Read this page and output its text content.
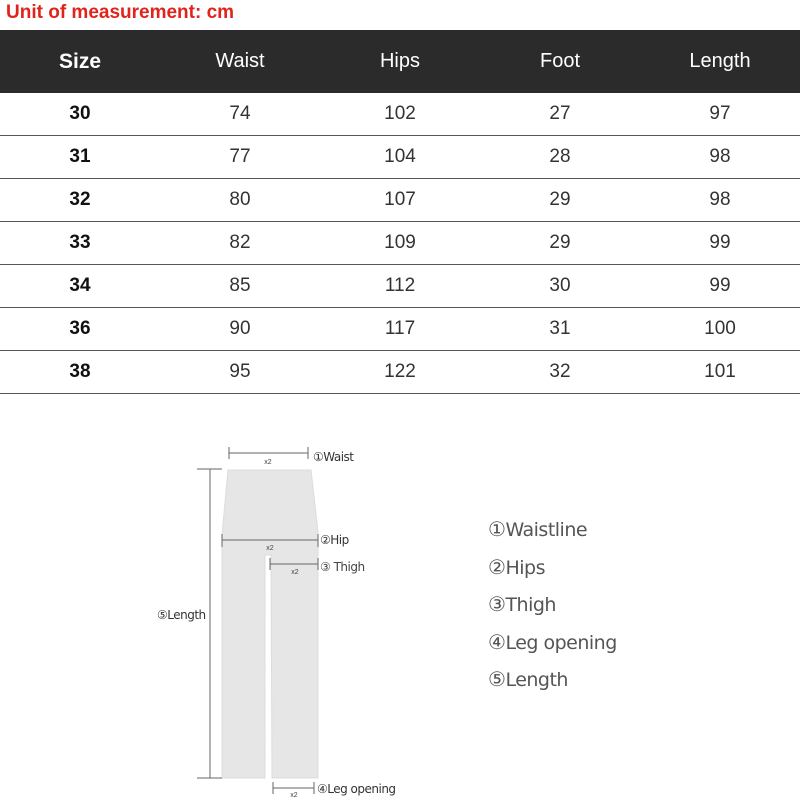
Unit of measurement: cm
Size	Waist	Hips	Foot	Length
30	74	102	27	97
31	77	104	28	98
32	80	107	29	98
33	82	109	29	99
34	85	112	30	99
36	90	117	31	100
38	95	122	32	101
x2	①Waist
x2
②Hip
x2 ③ Thigh
⑤Length
x2 ④Leg opening
①Waistline
②Hips
③Thigh
④Leg opening
⑤Length
